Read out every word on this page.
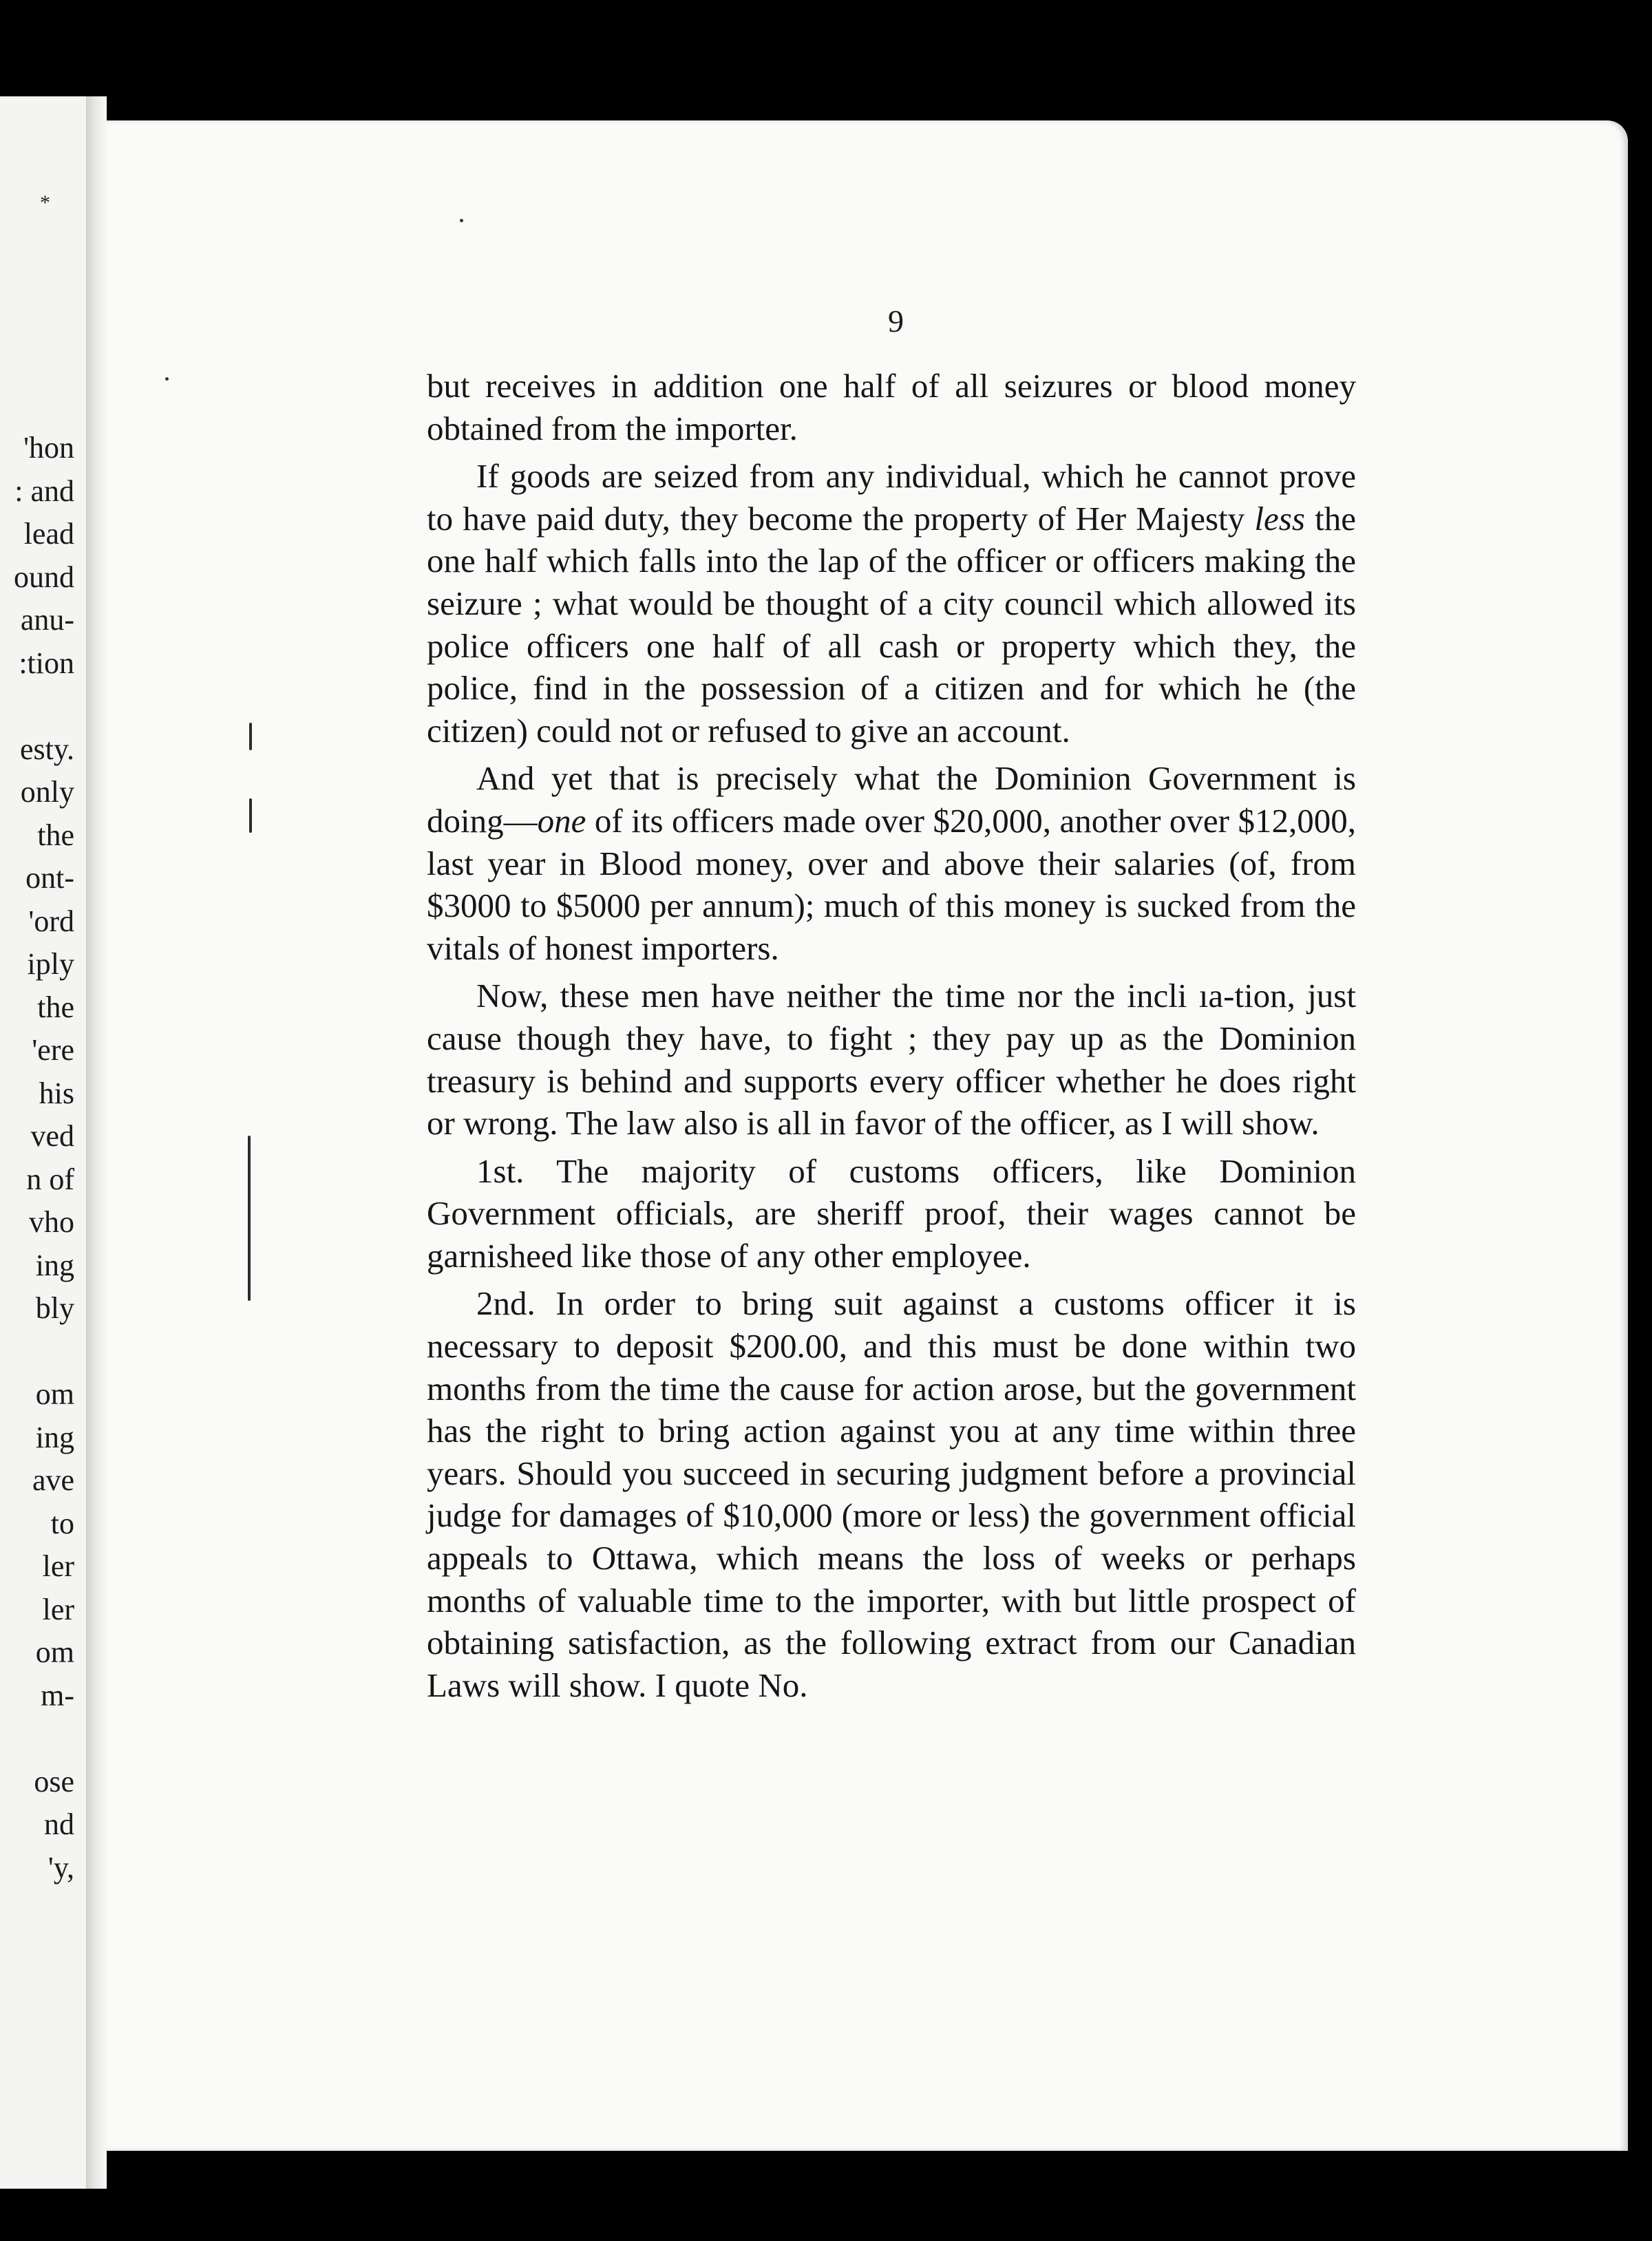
*
'hon
: and
lead
ound
anu-
:tion
esty.
only
the
ont-
'ord
iply
the
'ere
his
ved
n of
vho
ing
bly
om
ing
ave
to
ler
ler
om
m-
ose
nd
'y,
9

but receives in addition one half of all seizures or blood money obtained from the importer.

If goods are seized from any individual, which he cannot prove to have paid duty, they become the property of Her Majesty less the one half which falls into the lap of the officer or officers making the seizure ; what would be thought of a city council which allowed its police officers one half of all cash or property which they, the police, find in the possession of a citizen and for which he (the citizen) could not or refused to give an account.

And yet that is precisely what the Dominion Government is doing—one of its officers made over $20,000, another over $12,000, last year in Blood money, over and above their salaries (of, from $3000 to $5000 per annum); much of this money is sucked from the vitals of honest importers.

Now, these men have neither the time nor the incli ıa-tion, just cause though they have, to fight ; they pay up as the Dominion treasury is behind and supports every officer whether he does right or wrong. The law also is all in favor of the officer, as I will show.

1st. The majority of customs officers, like Dominion Government officials, are sheriff proof, their wages cannot be garnisheed like those of any other employee.

2nd. In order to bring suit against a customs officer it is necessary to deposit $200.00, and this must be done within two months from the time the cause for action arose, but the government has the right to bring action against you at any time within three years. Should you succeed in securing judgment before a provincial judge for damages of $10,000 (more or less) the government official appeals to Ottawa, which means the loss of weeks or perhaps months of valuable time to the importer, with but little prospect of obtaining satisfaction, as the following extract from our Canadian Laws will show. I quote No.
